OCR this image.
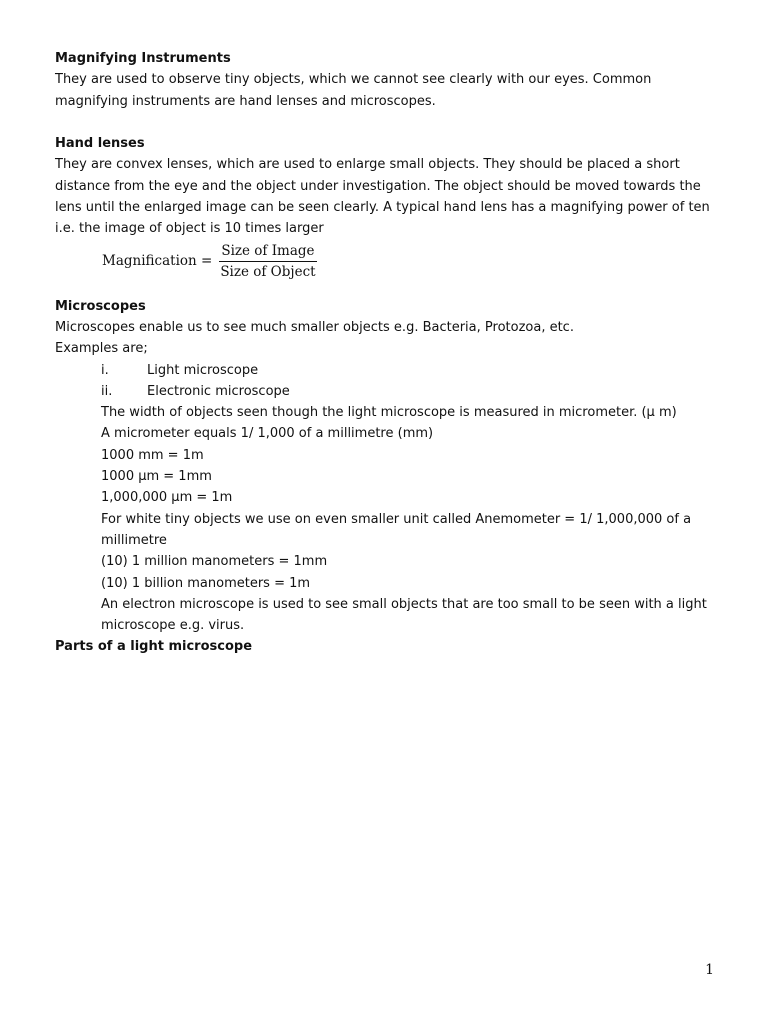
Magnifying Instruments
They are used to observe tiny objects, which we cannot see clearly with our eyes. Common
magnifying instruments are hand lenses and microscopes.
Hand lenses
They are convex lenses, which are used to enlarge small objects. They should be placed a short
distance from the eye and the object under investigation. The object should be moved towards the
lens until the enlarged image can be seen clearly. A typical hand lens has a magnifying power of ten
i.e. the image of object is 10 times larger
Magnification = $\frac{\text{Size of Image}}{\text{Size of Object}}$
Microscopes
Microscopes enable us to see much smaller objects e.g. Bacteria, Protozoa, etc.
Examples are;
i.	Light microscope
ii.	Electronic microscope
The width of objects seen though the light microscope is measured in micrometer. (μ m)
A micrometer equals 1/ 1,000 of a millimetre (mm)
1000 mm = 1m
1000 μm = 1mm
1,000,000 μm = 1m
For white tiny objects we use on even smaller unit called Anemometer = 1/ 1,000,000 of a
millimetre
(10) 1 million manometers = 1mm
(10) 1 billion manometers = 1m
An electron microscope is used to see small objects that are too small to be seen with a light
microscope e.g. virus.
Parts of a light microscope
1
